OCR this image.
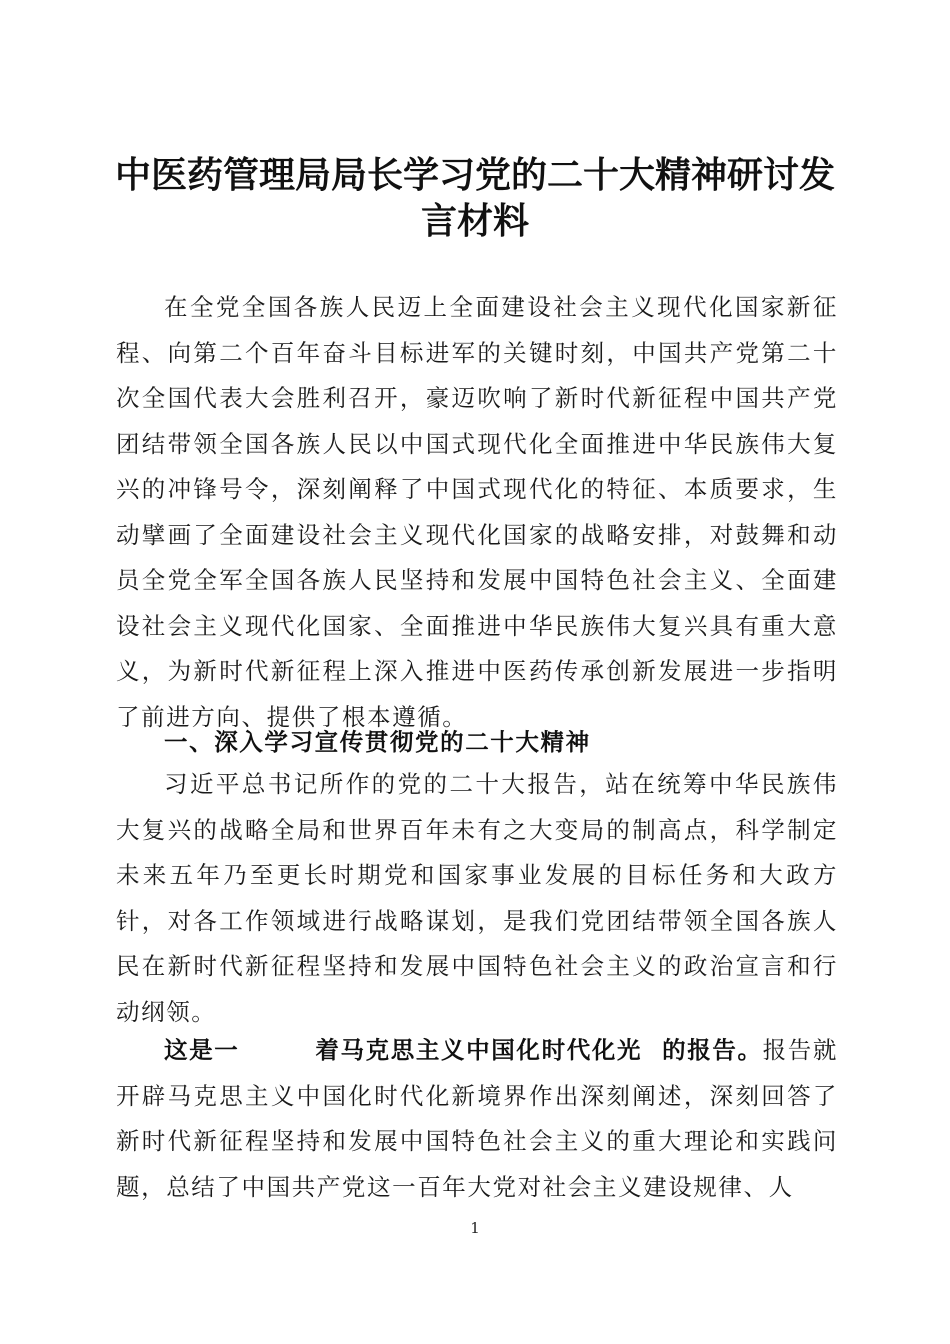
中医药管理局局长学习党的二十大精神研讨发
言材料
在全党全国各族人民迈上全面建设社会主义现代化国家新征程、向第二个百年奋斗目标进军的关键时刻，中国共产党第二十次全国代表大会胜利召开，豪迈吹响了新时代新征程中国共产党团结带领全国各族人民以中国式现代化全面推进中华民族伟大复兴的冲锋号令，深刻阐释了中国式现代化的特征、本质要求，生动擘画了全面建设社会主义现代化国家的战略安排，对鼓舞和动员全党全军全国各族人民坚持和发展中国特色社会主义、全面建设社会主义现代化国家、全面推进中华民族伟大复兴具有重大意义，为新时代新征程上深入推进中医药传承创新发展进一步指明了前进方向、提供了根本遵循。
一、深入学习宣传贯彻党的二十大精神
习近平总书记所作的党的二十大报告，站在统筹中华民族伟大复兴的战略全局和世界百年未有之大变局的制高点，科学制定未来五年乃至更长时期党和国家事业发展的目标任务和大政方针，对各工作领域进行战略谋划，是我们党团结带领全国各族人民在新时代新征程坚持和发展中国特色社会主义的政治宣言和行动纲领。
这是一	着马克思主义中国化时代化光 的报告。报告就开辟马克思主义中国化时代化新境界作出深刻阐述，深刻回答了新时代新征程坚持和发展中国特色社会主义的重大理论和实践问题，总结了中国共产党这一百年大党对社会主义建设规律、人
1
